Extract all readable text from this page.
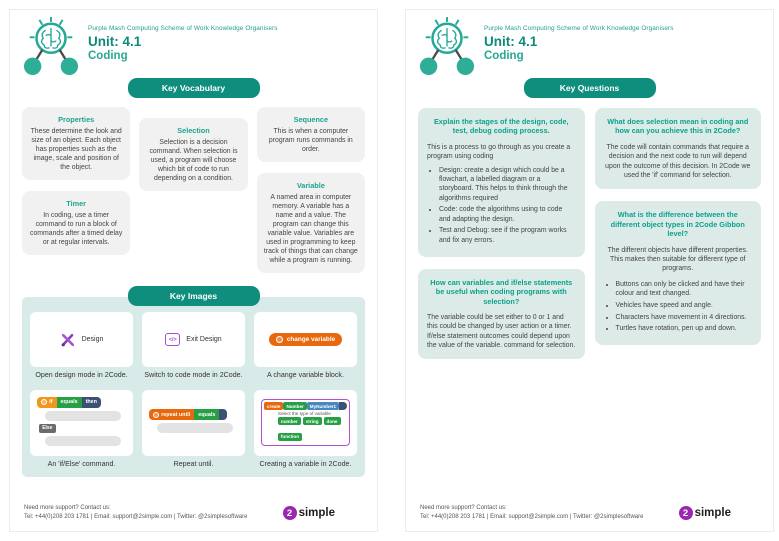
Purple Mash Computing Scheme of Work Knowledge Organisers
Unit: 4.1
Coding
Key Vocabulary
Properties
These determine the look and size of an object. Each object has properties such as the image, scale and position of the object.
Timer
In coding, use a timer command to run a block of commands after a timed delay or at regular intervals.
Selection
Selection is a decision command. When selection is used, a program will choose which bit of code to run depending on a condition.
Sequence
This is when a computer program runs commands in order.
Variable
A named area in computer memory. A variable has a name and a value. The program can change this variable value. Variables are used in programming to keep track of things that can change while a program is running.
Key Images
Design
Open design mode in 2Code.
</>	Exit Design
Switch to code mode in 2Code.
change variable
A change variable block.
if	equals	then
Else
An 'if/Else' command.
repeat until	equals
Repeat until.
create	Number	MyNumber1
Select the type of variable
number	string	done
function
Creating a variable in 2Code.
Need more support? Contact us:
Tel: +44(0)208 203 1781 | Email: support@2simple.com | Twitter: @2simplesoftware	2 simple
Purple Mash Computing Scheme of Work Knowledge Organisers
Unit: 4.1
Coding
Key Questions
Explain the stages of the design, code, test, debug coding process.
This is a process to go through as you create a program using coding
• Design: create a design which could be a flowchart, a labelled diagram or a storyboard. This helps to think through the algorithms required
• Code: code the algorithms using to code and adapting the design.
• Test and Debug: see if the program works and fix any errors.
How can variables and if/else statements be useful when coding programs with selection?
The variable could be set either to 0 or 1 and this could be changed by user action or a timer. If/else statement outcomes could depend upon the value of the variable. command for selection.
What does selection mean in coding and how can you achieve this in 2Code?
The code will contain commands that require a decision and the next code to run will depend upon the outcome of this decision. In 2Code we used the 'if' command for selection.
What is the difference between the different object types in 2Code Gibbon level?
The different objects have different properties. This makes then suitable for different type of programs.
• Buttons can only be clicked and have their colour and text changed.
• Vehicles have speed and angle.
• Characters have movement in 4 directions.
• Turtles have rotation, pen up and down.
Need more support? Contact us:
Tel: +44(0)208 203 1781 | Email: support@2simple.com | Twitter: @2simplesoftware	2 simple
